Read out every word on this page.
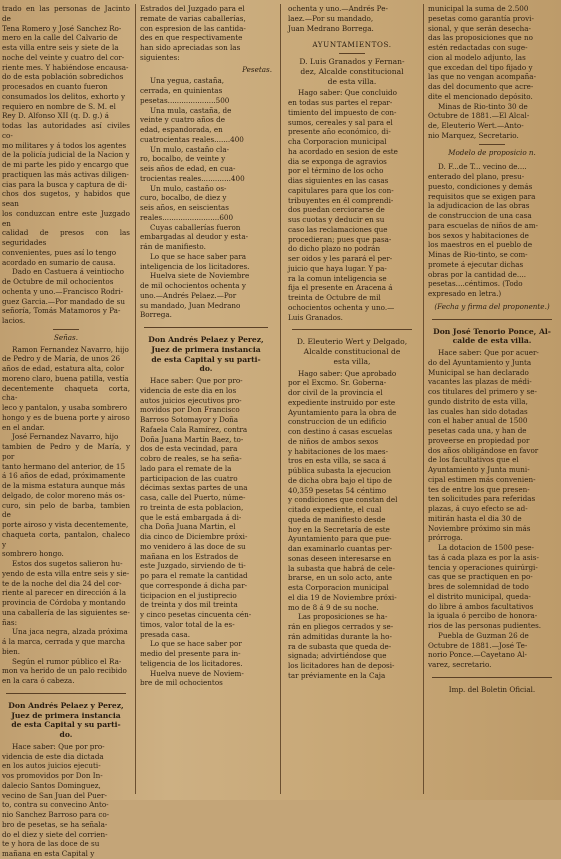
trado en las personas de Jacinto de
Tena Romero y José Sanchez Ro-
mero en la calle del Calvario de
esta villa entre seis y siete de la
noche del veinte y cuatro del cor-
riente mes. Y habiéndose encausa-
do de esta población sobredichos
procesados en cuanto fueron
consumados los delitos, exhorto y
requiero en nombre de S. M. el
Rey D. Alfonso XII (q. D. g.) á
todas las autoridades así civiles co-
mo militares y á todos los agentes
de la policía judicial de la Nacion y
de mi parte les pido y encargo que
practiquen las más activas diligen-
cias para la busca y captura de di-
chos dos sugetos, y habidos que sean
los conduzcan entre este Juzgado en
calidad de presos con las seguridades
convenientes, pues así lo tengo
acordado en sumario de causa.

Dado en Castuera á veintiocho
de Octubre de mil ochocientos
ochenta y uno.—Francisco Rodri-
guez Garcia.—Por mandado de su
señoría, Tomás Matamoros y Pa-
lacios.

Señas.

Ramon Fernandez Navarro, hijo
de Pedro y de María, de unos 26
años de edad, estatura alta, color
moreno claro, buena patilla, vestía
decentemente chaqueta corta, cha-
leco y pantalon, y usaba sombrero
hongo y es de buena porte y airoso
en el andar.

José Fernandez Navarro, hijo
tambien de Pedro y de María, y por
tanto hermano del anterior, de 15
á 16 años de edad, próximamente
de la misma estatura aunque más
delgado, de color moreno más os-
curo, sin pelo de barba, tambien de
porte airoso y vista decentemente,
chaqueta corta, pantalon, chaleco y
sombrero hongo.

Estos dos sugetos salieron hu-
yendo de esta villa entre seis y sie-
te de la noche del dia 24 del cor-
riente al parecer en dirección á la
provincia de Córdoba y montando
una caballería de las siguientes se-
ñas:

Una jaca negra, alzada próxima
á la marca, cerrada y que marcha
bien.

Según el rumor público el Ra-
mon va herido de un palo recibido
en la cara ó cabeza.

Don Andrés Pelaez y Perez,
Juez de primera instancia
de esta Capital y su parti-
do.

Hace saber: Que por pro-
videncia de este dia dictada
en los autos juicios ejecuti-
vos promovidos por Don In-
dalecio Santos Dominguez,
vecino de San Juan del Puer-
to, contra su convecino Anto-
nio Sanchez Barroso para co-
bro de pesetas, se ha señala-
do el diez y siete del corrien-
te y hora de las doce de su
mañana en esta Capital y

Estrados del Juzgado para el
remate de varias caballerías,
con espresion de las cantida-
des en que respectivamente
han sido apreciadas son las
siguientes:

Pesetas.

Una yegua, castaña,
cerrada, en quinientas
pesetas.....................500

Una mula, castaña, de
veinte y cuatro años de
edad, espandorada, en
cuatrocientas reales.......400

Un mulo, castaño cla-
ro, bocalbo, de veinte y
seis años de edad, en cua-
trocientas reales.............400

Un mulo, castaño os-
curo, bocalbo, de diez y
seis años, en seiscientas
reales.........................600

Cuyas caballerías fueron
embargadas al deudor y esta-
rán de manifiesto.

Lo que se hace saber para
inteligencia de los licitadores.

Huelva siete de Noviembre
de mil ochocientos ochenta y
uno.—Andrés Pelaez.—Por
su mandado, Juan Medrano
Borrega.

Don Andrés Pelaez y Perez,
Juez de primera instancia
de esta Capital y su parti-
do.

Hace saber: Que por pro-
videncia de este dia en los
autos juicios ejecutivos pro-
movidos por Don Francisco
Barroso Sotomayor y Doña
Rafaela Cala Ramírez, contra
Doña Juana Martín Baez, to-
dos de esta vecindad, para
cobro de reales, se ha seña-
lado para el remate de la
participacion de las cuatro
décimas sextas partes de una
casa, calle del Puerto, núme-
ro treinta de esta poblacion,
que le está embargada á di-
cha Doña Juana Martin, el
dia cinco de Diciembre próxi-
mo venidero á las doce de su
mañana en los Estrados de
este Juzgado, sirviendo de ti-
po para el remate la cantidad
que corresponde á dicha par-
ticipacion en el justiprecio
de treinta y dos mil treinta
y cinco pesetas cincuenta cén-
timos, valor total de la es-
presada casa.

Lo que se hace saber por
medio del presente para in-
teligencia de los licitadores.

Huelva nueve de Noviem-
bre de mil ochocientos

ochenta y uno.—Andrés Pe-
laez.—Por su mandado,
Juan Medrano Borrega.

AYUNTAMIENTOS.

D. Luis Granados y Fernan-
dez, Alcalde constitucional
de esta villa.

Hago saber: Que concluido
en todas sus partes el repar-
timiento del impuesto de con-
sumos, cereales y sal para el
presente año económico, di-
cha Corporacion municipal
ha acordado en sesion de este
dia se exponga de agravios
por el término de los ocho
dias siguientes en las casas
capitulares para que los con-
tribuyentes en él comprendi-
dos puedan cerciorarse de
sus cuotas y deducir en su
caso las reclamaciones que
procedieran; pues que pasa-
do dicho plazo no podrán
ser oidos y les parará el per-
juicio que haya lugar. Y pa-
ra la comun inteligencia se
fija el presente en Aracena á
treinta de Octubre de mil
ochocientos ochenta y uno.—
Luis Granados.

D. Eleuterio Wert y Delgado,
Alcalde constitucional de
esta villa,

Hago saber: Que aprobado
por el Excmo. Sr. Goberna-
dor civil de la provincia el
expediente instruido por este
Ayuntamiento para la obra de
construccion de un edificio
con destino á casas escuelas
de niños de ambos sexos
y habitaciones de los maes-
tros en esta villa, se saca á
pública subasta la ejecucion
de dicha obra bajo el tipo de
40,359 pesetas 54 céntimo
y condiciones que constan del
citado expediente, el cual
queda de manifiesto desde
hoy en la Secretaría de este
Ayuntamiento para que pue-
dan examinarlo cuantas per-
sonas deseen interesarse en
la subasta que habrá de cele-
brarse, en un solo acto, ante
esta Corporacion municipal
el dia 19 de Noviembre próxi-
mo de 8 á 9 de su noche.

Las proposiciones se ha-
rán en pliegos cerrados y se-
rán admitidas durante la ho-
ra de subasta que queda de-
signada; advirtiéndose que
los licitadores han de deposi-
tar préviamente en la Caja

municipal la suma de 2.500
pesetas como garantía provi-
sional, y que serán desecha-
das las proposiciones que no
estén redactadas con suge-
cion al modelo adjunto, las
que excedan del tipo fijado y
las que no vengan acompaña-
das del documento que acre-
dite el mencionado depósito.

Minas de Rio-tinto 30 de
Octubre de 1881.—El Alcal-
de, Eleuterio Wert.—Anto-
nio Marquez, Secretario.

Modelo de proposicio n.

D. F...de T... vecino de....
enterado del plano, presu-
puesto, condiciones y demás
requisitos que se exigen para
la adjudicacion de las obras
de construccion de una casa
para escuelas de niños de am-
bos sexos y habitaciones de
los maestros en el pueblo de
Minas de Rio-tinto, se com-
promete á ejecutar dichas
obras por la cantidad de....
pesetas....céntimos. (Todo
expresado en letra.)

(Fecha y firma del proponente.)

Don José Tenorio Ponce, Al-
calde de esta villa.

Hace saber: Que por acuer-
do del Ayuntamiento y Junta
Municipal se han declarado
vacantes las plazas de médi-
cos titulares del primero y se-
gundo distrito de esta villa,
las cuales han sido dotadas
con el haber anual de 1500
pesetas cada una, y han de
proveerse en propiedad por
dos años obligándose en favor
de los facultativos que el
Ayuntamiento y Junta muni-
cipal estimen más convenien-
tes de entre los que presen-
ten solicitudes para referidas
plazas, á cuyo efecto se ad-
mitirán hasta el dia 30 de
Noviembre próximo sin más
prórroga.

La dotacion de 1500 pese-
tas á cada plaza es por la asis-
tencia y operaciones quirúrgi-
cas que se practiquen en po-
bres de solemnidad de todo
el distrito municipal, queda-
do libre á ambos facultativos
la iguala ó percibo de honora-
rios de las personas pudientes.

Puebla de Guzman 26 de
Octubre de 1881.—José Te-
norio Ponce.—Cayetano Al-
varez, secretario.

Imp. del Boletin Oficial.
